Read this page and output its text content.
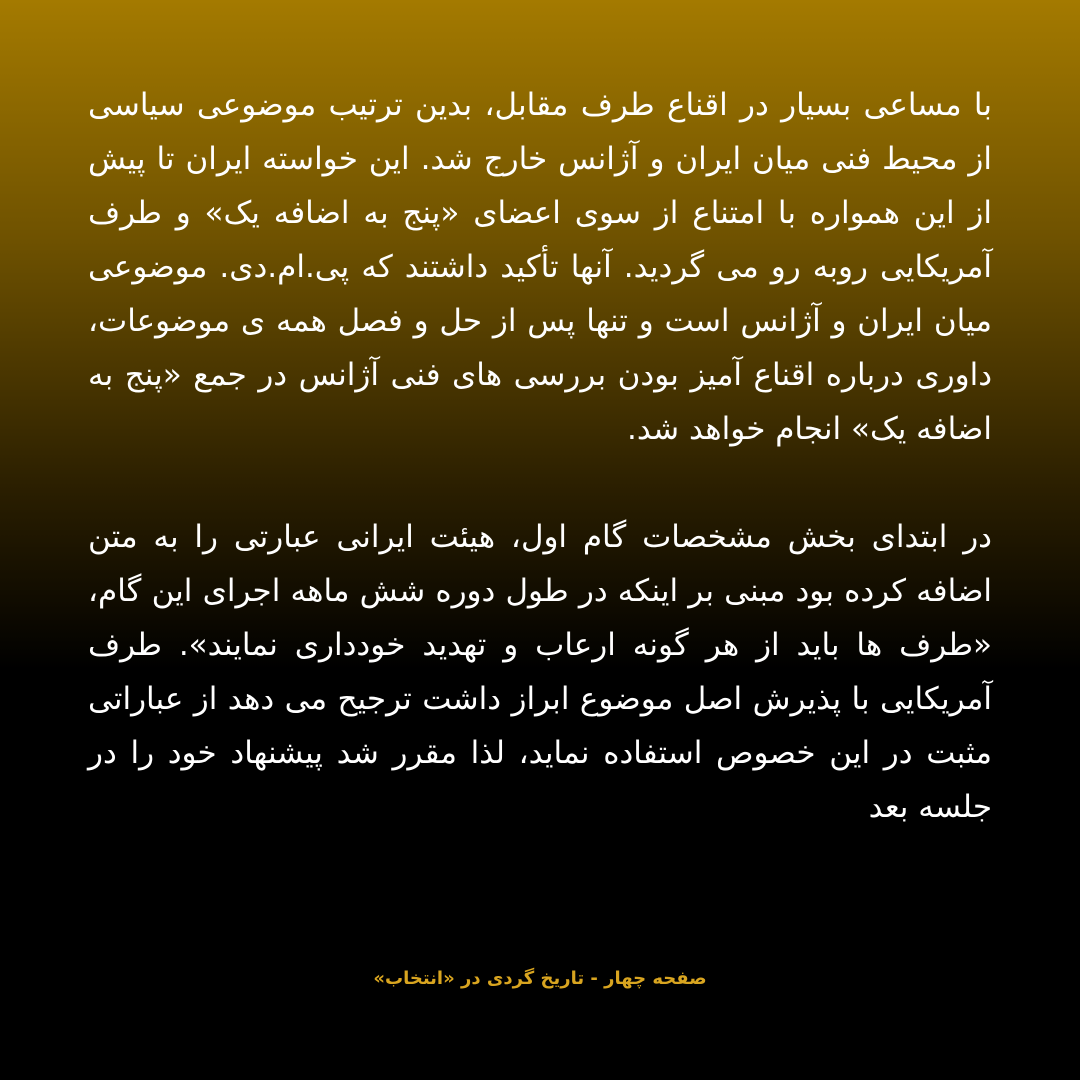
با مساعی بسیار در اقناع طرف مقابل، بدین ترتیب موضوعی سیاسی از محیط فنی میان ایران و آژانس خارج شد. این خواسته ایران تا پیش از این همواره با امتناع از سوی اعضای «پنج به اضافه یک» و طرف آمریکایی روبه رو می گردید. آنها تأکید داشتند که پی.ام.دی. موضوعی میان ایران و آژانس است و تنها پس از حل و فصل همه ی موضوعات، داوری درباره اقناع آمیز بودن بررسی های فنی آژانس در جمع «پنج به اضافه یک» انجام خواهد شد.

در ابتدای بخش مشخصات گام اول، هیئت ایرانی عبارتی را به متن اضافه کرده بود مبنی بر اینکه در طول دوره شش ماهه اجرای این گام، «طرف ها باید از هر گونه ارعاب و تهدید خودداری نمایند». طرف آمریکایی با پذیرش اصل موضوع ابراز داشت ترجیح می دهد از عباراتی مثبت در این خصوص استفاده نماید، لذا مقرر شد پیشنهاد خود را در جلسه بعد

صفحه چهار - تاریخ گردی در «انتخاب»
